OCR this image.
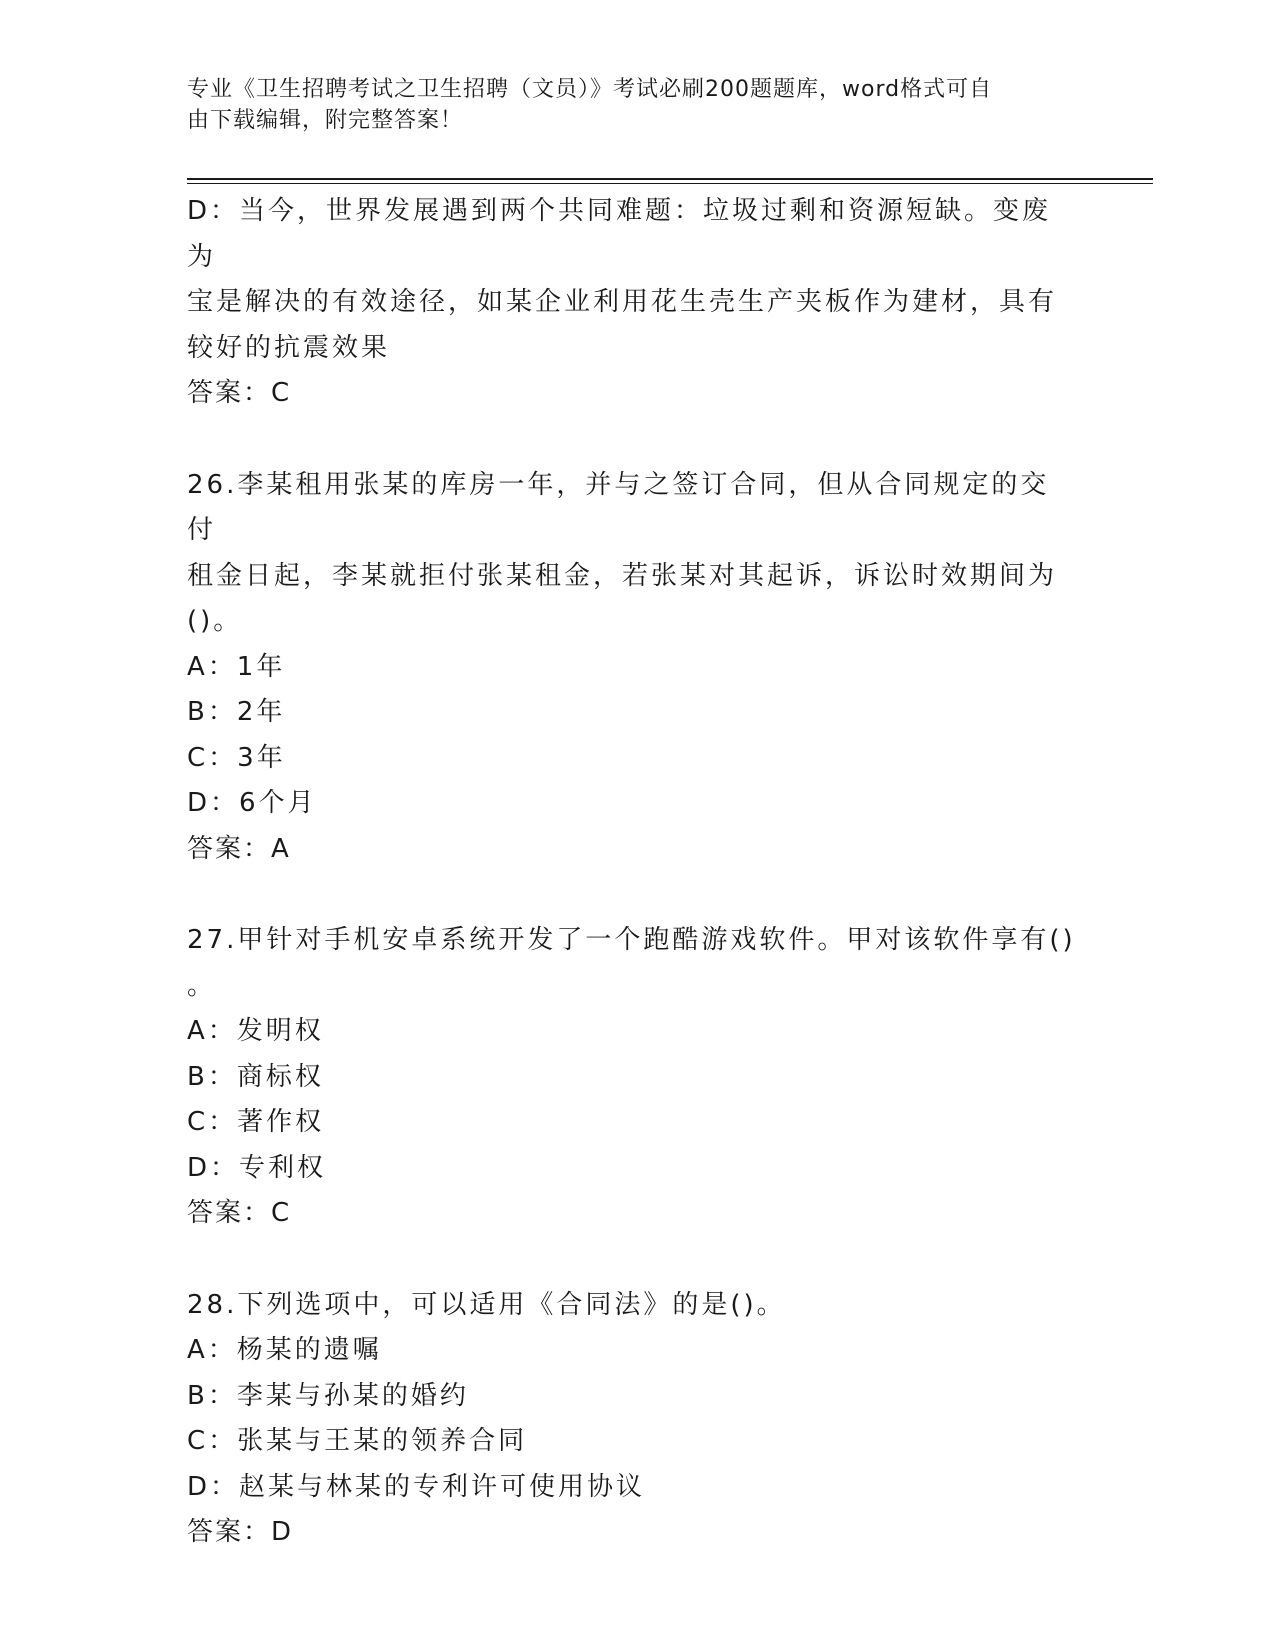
专业《卫生招聘考试之卫生招聘（文员）》考试必刷200题题库，word格式可自
由下载编辑，附完整答案！
D：当今，世界发展遇到两个共同难题：垃圾过剩和资源短缺。变废为
宝是解决的有效途径，如某企业利用花生壳生产夹板作为建材，具有
较好的抗震效果
答案：C
26.李某租用张某的库房一年，并与之签订合同，但从合同规定的交付
租金日起，李某就拒付张某租金，若张某对其起诉，诉讼时效期间为
()。
A：1年
B：2年
C：3年
D：6个月
答案：A
27.甲针对手机安卓系统开发了一个跑酷游戏软件。甲对该软件享有()
。
A：发明权
B：商标权
C：著作权
D：专利权
答案：C
28.下列选项中，可以适用《合同法》的是()。
A：杨某的遗嘱
B：李某与孙某的婚约
C：张某与王某的领养合同
D：赵某与林某的专利许可使用协议
答案：D
